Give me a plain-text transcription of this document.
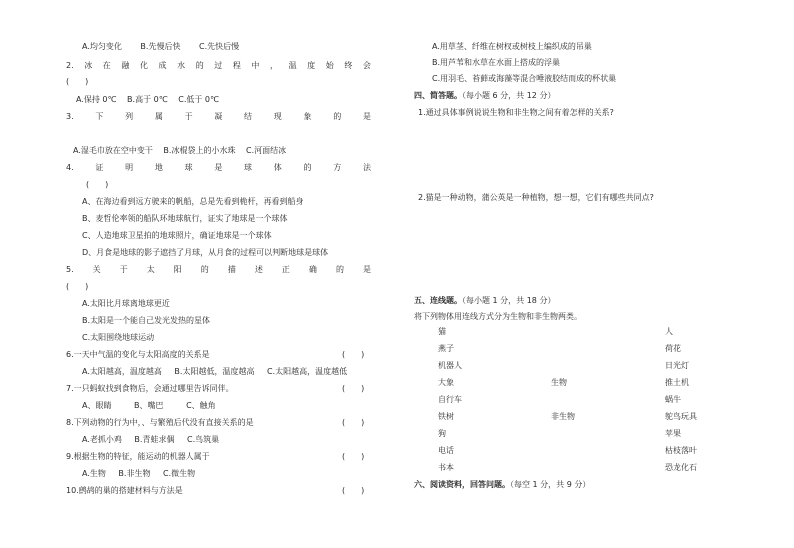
A.均匀变化 B.先慢后快 C.先快后慢
2. 冰 在 融 化 成 水 的 过 程 中 ， 温 度 始 终 会
(　　)
A.保持 0℃ B.高于 0℃ C.低于 0℃
3.	下	列	属	于	凝	结	现	象	的	是
A.湿毛巾放在空中变干 B.冰棍袋上的小水珠 C.河面结冰
4.	证	明	地	球	是	球	体	的	方	法
(　　)
A、在海边看到远方驶来的帆船，总是先看到桅杆，再看到船身
B、麦哲伦率领的船队环地球航行，证实了地球是一个球体
C、人造地球卫星拍的地球照片，确证地球是一个球体
D、月食是地球的影子遮挡了月球，从月食的过程可以判断地球是球体
5. 关 于 太 阳 的 描 述 正 确 的 是
(　　)
A.太阳比月球离地球更近
B.太阳是一个能自己发光发热的星体
C.太阳围绕地球运动
6.一天中气温的变化与太阳高度的关系是	(　　)
A.太阳越高，温度越高 B.太阳越低，温度越高 C.太阳越高，温度越低
7.一只蚂蚁找到食物后，会通过哪里告诉同伴。	(　　)
A、眼睛	B、嘴巴	C、触角
8.下列动物的行为中，、与繁殖后代没有直接关系的是	(　　)
A.老抓小鸡 B.青蛙求偶 C.鸟筑巢
9.根据生物的特征，能运动的机器人属于	(　　)
A.生物 B.非生物 C.微生物
10.鹧鸪的巢的搭建材料与方法是	(　　)
A.用草茎、纤维在树杈或树枝上编织成的吊巢
B.用芦苇和水草在水面上搭成的浮巢
C.用羽毛、苔藓或海藻等混合唾液胶结而成的杯状巢
四、简答题。（每小题 6 分，共 12 分）
1.通过具体事例说说生物和非生物之间有着怎样的关系?
2.猫是一种动物，蒲公英是一种植物，想一想，它们有哪些共同点?
五、连线题。（每小题 1 分，共 18 分）
将下列物体用连线方式分为生物和非生物两类。
猫
燕子
机器人
大象
自行车
铁树
狗
电话
书本
生物
非生物
人
荷花
日光灯
推土机
蜗牛
鸵鸟玩具
苹果
枯枝落叶
恐龙化石
六、阅读资料，回答问题。（每空 1 分，共 9 分）
